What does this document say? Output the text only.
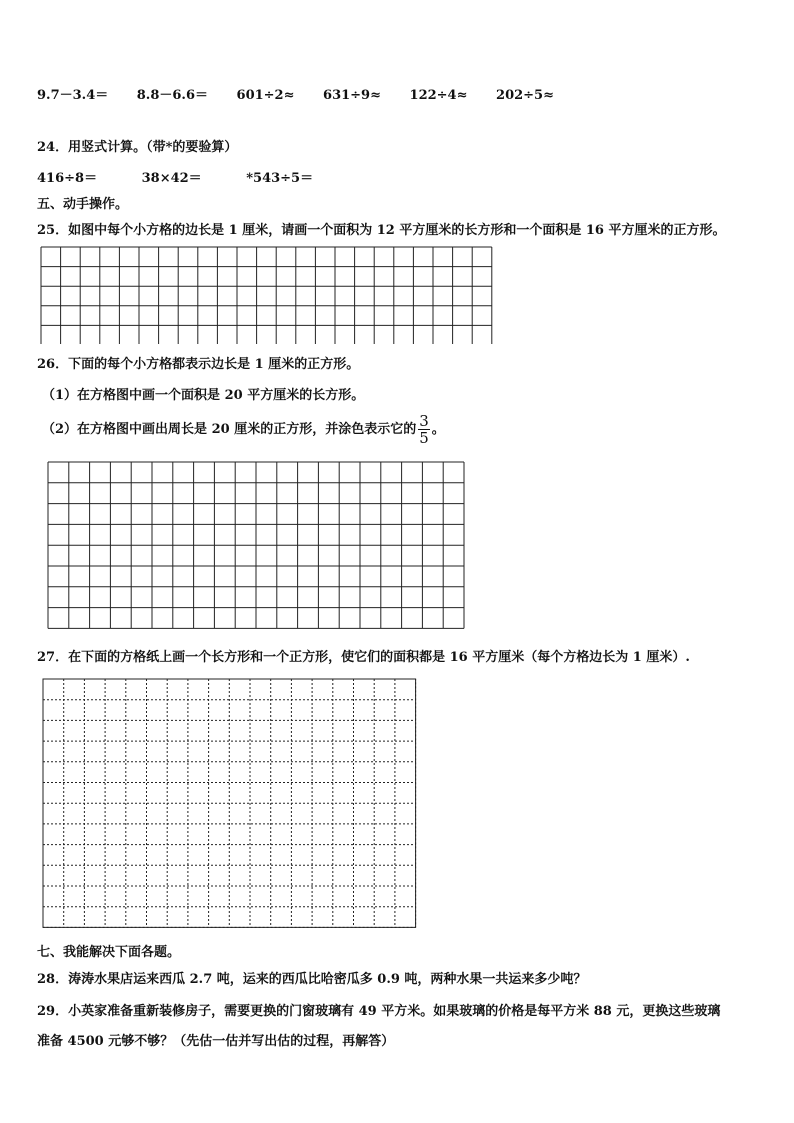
9.7－3.4＝ 8.8－6.6＝ 601÷2≈ 631÷9≈ 122÷4≈ 202÷5≈
24．用竖式计算。（带*的要验算）
416÷8＝	38×42＝	*543÷5＝
五、动手操作。
25．如图中每个小方格的边长是 1 厘米，请画一个面积为 12 平方厘米的长方形和一个面积是 16 平方厘米的正方形。
26．下面的每个小方格都表示边长是 1 厘米的正方形。
（1）在方格图中画一个面积是 20 平方厘米的长方形。
（2）在方格图中画出周长是 20 厘米的正方形，并涂色表示它的 $\frac{3}{5}$ 。
27．在下面的方格纸上画一个长方形和一个正方形，使它们的面积都是 16 平方厘米（每个方格边长为 1 厘米）.
七、我能解决下面各题。
28．涛涛水果店运来西瓜 2.7 吨，运来的西瓜比哈密瓜多 0.9 吨，两种水果一共运来多少吨？
29．小英家准备重新装修房子，需要更换的门窗玻璃有 49 平方米。如果玻璃的价格是每平方米 88 元，更换这些玻璃
准备 4500 元够不够？（先估一估并写出估的过程，再解答）
